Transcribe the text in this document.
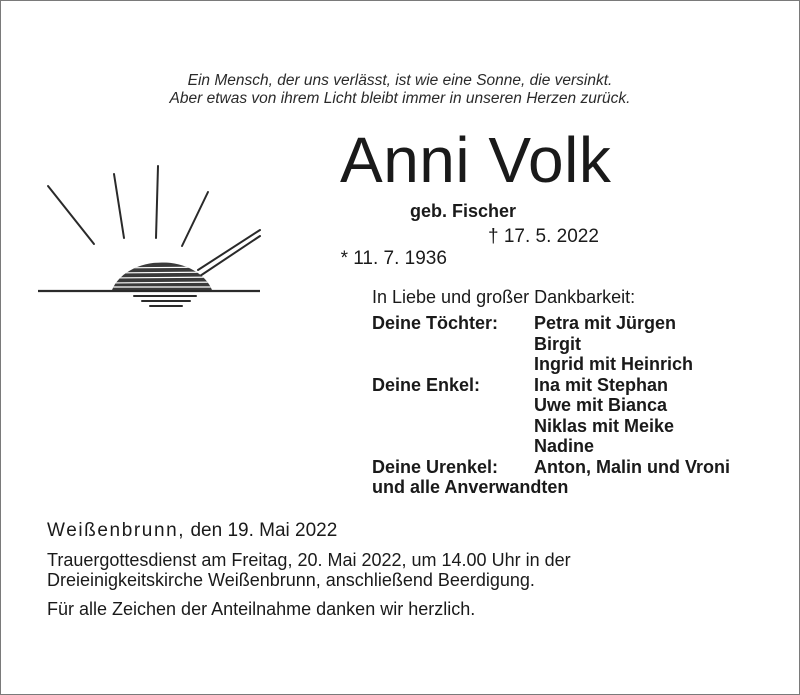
Ein Mensch, der uns verlässt, ist wie eine Sonne, die versinkt.
Aber etwas von ihrem Licht bleibt immer in unseren Herzen zurück.
Anni Volk
geb. Fischer

* 11. 7. 1936

† 17. 5. 2022

In Liebe und großer Dankbarkeit:
Deine Töchter: Petra mit Jürgen
Birgit
Ingrid mit Heinrich
Deine Enkel:	Ina mit Stephan
Uwe mit Bianca
Niklas mit Meike
Nadine
Deine Urenkel: Anton, Malin und Vroni
und alle Anverwandten
Weißenbrunn, den 19. Mai 2022
Trauergottesdienst am Freitag, 20. Mai 2022, um 14.00 Uhr in der
Dreieinigkeitskirche Weißenbrunn, anschließend Beerdigung.
Für alle Zeichen der Anteilnahme danken wir herzlich.
